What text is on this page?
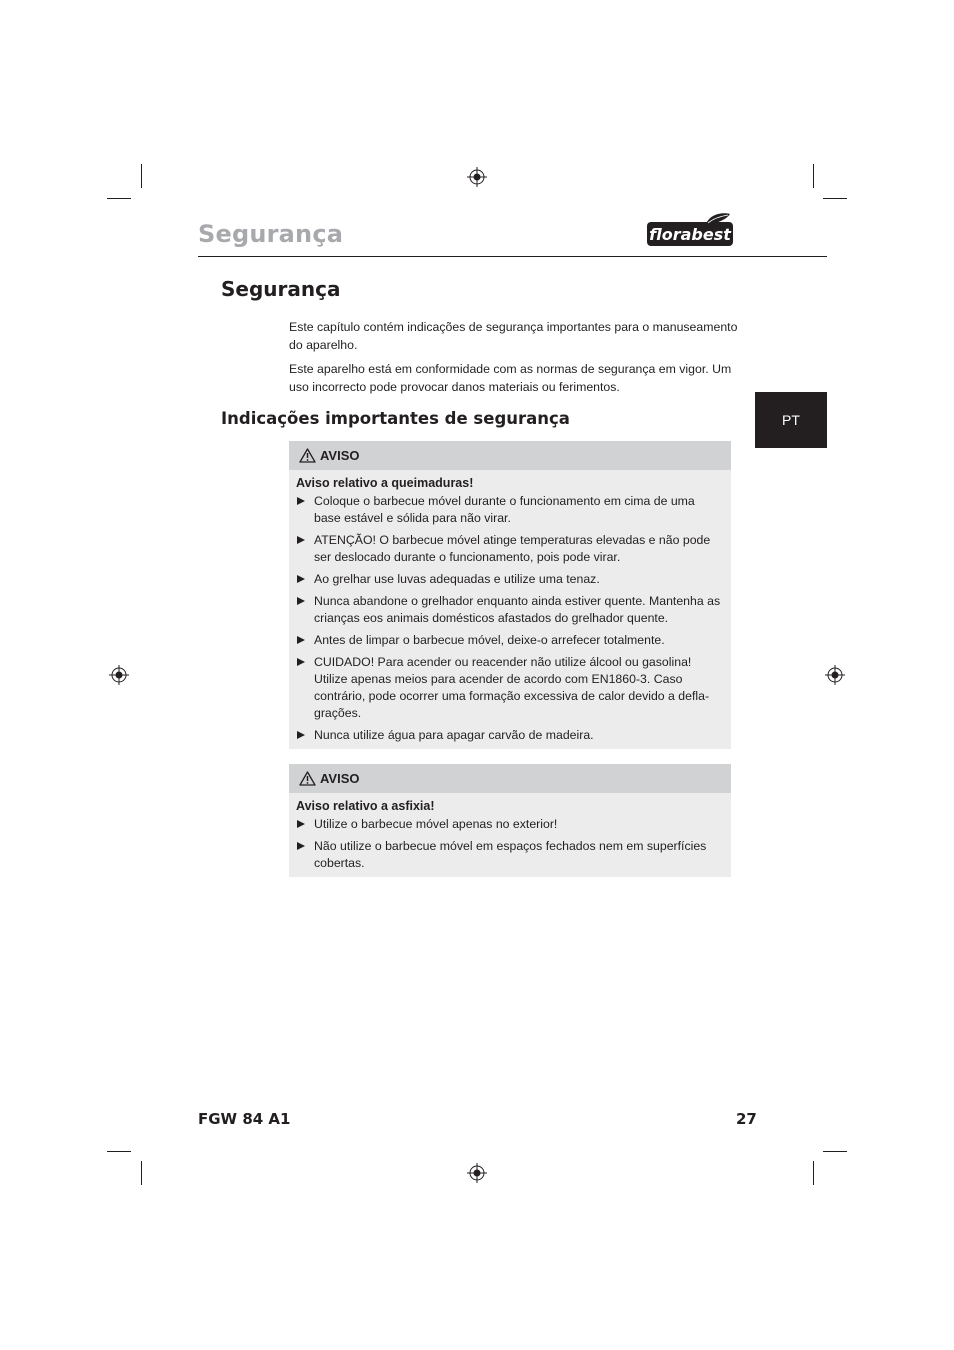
Segurança	florabest
PT
Segurança
Este capítulo contém indicações de segurança importantes para o manuseamento do aparelho.
Este aparelho está em conformidade com as normas de segurança em vigor. Um uso incorrecto pode provocar danos materiais ou ferimentos.
Indicações importantes de segurança
AVISO
Aviso relativo a queimaduras!
Coloque o barbecue móvel durante o funcionamento em cima de uma base estável e sólida para não virar.
ATENÇÃO! O barbecue móvel atinge temperaturas elevadas e não pode ser deslocado durante o funcionamento, pois pode virar.
Ao grelhar use luvas adequadas e utilize uma tenaz.
Nunca abandone o grelhador enquanto ainda estiver quente. Mantenha as crianças eos animais domésticos afastados do grelhador quente.
Antes de limpar o barbecue móvel, deixe-o arrefecer totalmente.
CUIDADO! Para acender ou reacender não utilize álcool ou gasolina! Utilize apenas meios para acender de acordo com EN1860-3. Caso contrário, pode ocorrer uma formação excessiva de calor devido a defla-grações.
Nunca utilize água para apagar carvão de madeira.
AVISO
Aviso relativo a asfixia!
Utilize o barbecue móvel apenas no exterior!
Não utilize o barbecue móvel em espaços fechados nem em superfícies cobertas.
FGW 84 A1	27
